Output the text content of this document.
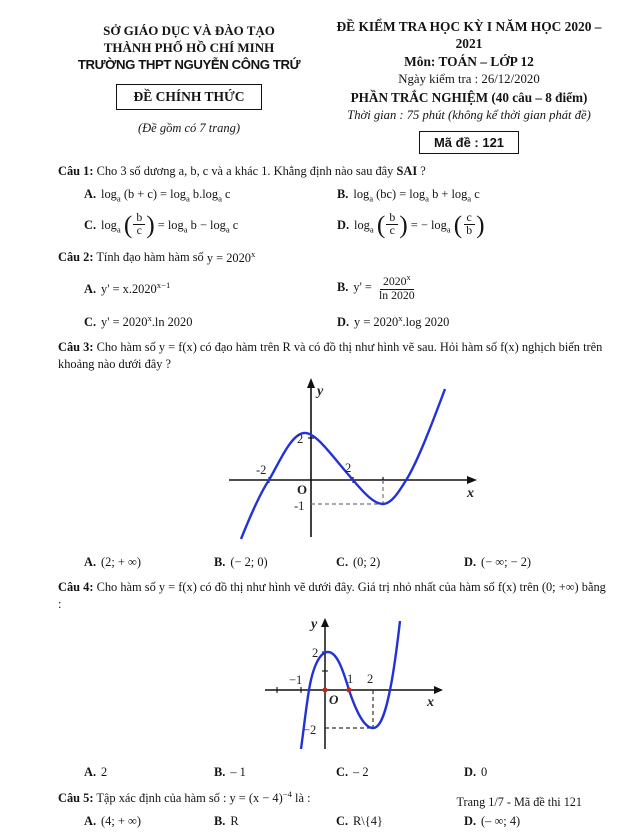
SỞ GIÁO DỤC VÀ ĐÀO TẠO
THÀNH PHỐ HỒ CHÍ MINH
TRƯỜNG THPT NGUYỄN CÔNG TRỨ
ĐỀ CHÍNH THỨC
(Đề gồm có 7 trang)
ĐỀ KIỂM TRA HỌC KỲ I NĂM HỌC 2020 – 2021
Môn: TOÁN – LỚP 12
Ngày kiểm tra : 26/12/2020
PHẦN TRẮC NGHIỆM (40 câu – 8 điểm)
Thời gian : 75 phút (không kể thời gian phát đề)
Mã đề : 121
Câu 1: Cho 3 số dương a, b, c và a khác 1. Khẳng định nào sau đây SAI ?
A. $\log_a (b + c) = \log_a b.\log_a$ c	B. $\log_a (bc) = \log_a b + \log_a c$
C. $\log_a$ ( $\frac{b}{c}$ ) = $\log_a b - \log_a c$	D. $\log_a$ ( $\frac{b}{c}$ ) = − $\log_a$ ( $\frac{c}{b}$ )
Câu 2: Tính đạo hàm hàm số $y = 2020^x$
A. $y' = x.2020^{x-1}$	B. $y' = \frac{2020^x}{\ln 2020}$
C. $y' = 2020^x.\ln$ 2020	D. $y = 2020^x.\log$ 2020
Câu 3: Cho hàm số y = f(x) có đạo hàm trên R và có đồ thị như hình vẽ sau. Hỏi hàm số f(x) nghịch biến trên khoảng nào dưới đây ?
y
x
O
-2	2
2
-1
A. (2; + ∞)	B. (− 2; 0)	C. (0; 2)	D. (− ∞; − 2)
Câu 4: Cho hàm số y = f(x) có đồ thị như hình vẽ dưới đây. Giá trị nhỏ nhất của hàm số f(x) trên (0; +∞) bằng :
y
x
O
−1	1 2
2
−2
A. 2	B. – 1	C. – 2	D. 0
Câu 5: Tập xác định của hàm số : $y = (x - 4)^{-4}$ là :
A. (4; + ∞)	B. R	C. R\{4}	D. (– ∞; 4)
Trang 1/7 - Mã đề thi 121
